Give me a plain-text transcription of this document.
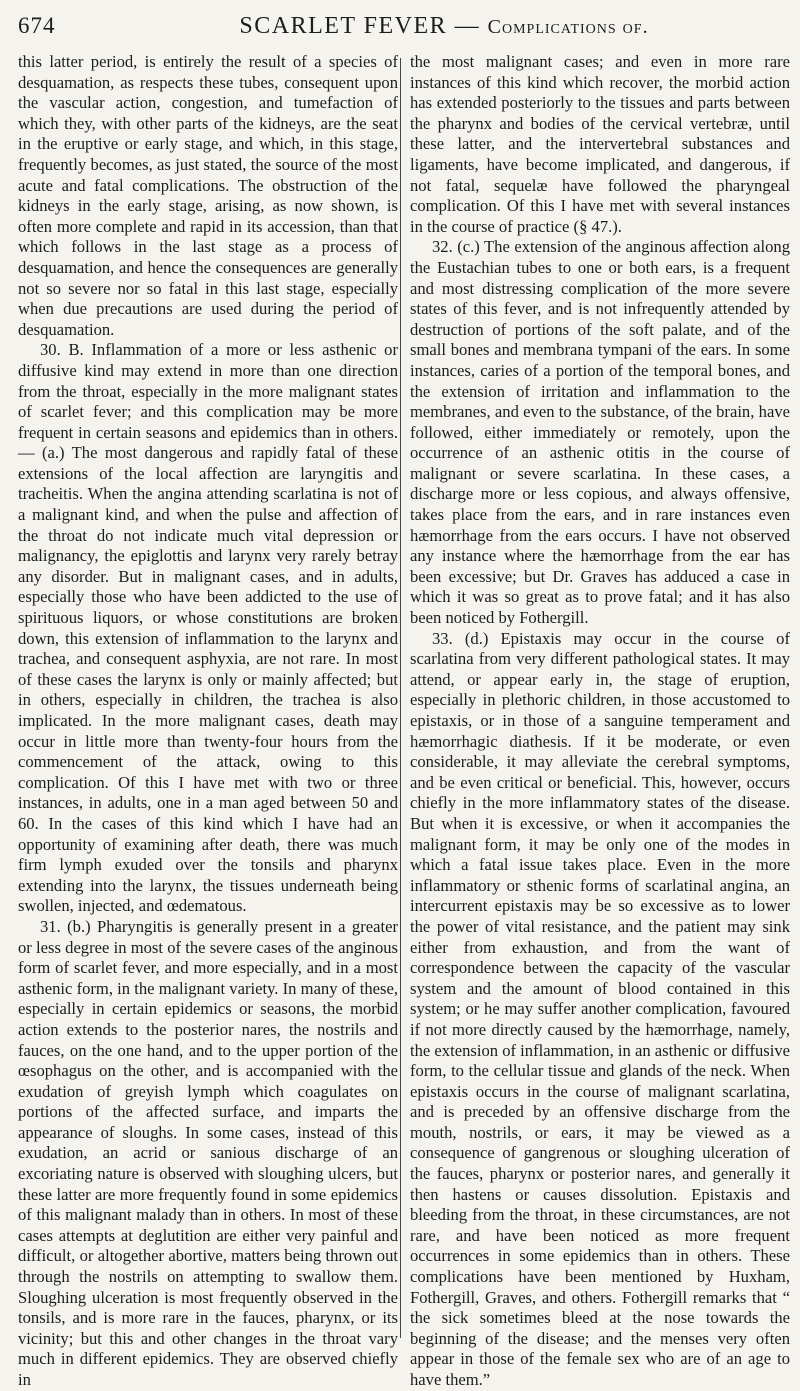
674	SCARLET FEVER — Complications of.

this latter period, is entirely the result of a species of desquamation, as respects these tubes, consequent upon the vascular action, congestion, and tumefaction of which they, with other parts of the kidneys, are the seat in the eruptive or early stage, and which, in this stage, frequently becomes, as just stated, the source of the most acute and fatal complications. The obstruction of the kidneys in the early stage, arising, as now shown, is often more complete and rapid in its accession, than that which follows in the last stage as a process of desquamation, and hence the consequences are generally not so severe nor so fatal in this last stage, especially when due precautions are used during the period of desquamation.

30. B. Inflammation of a more or less asthenic or diffusive kind may extend in more than one direction from the throat, especially in the more malignant states of scarlet fever; and this complication may be more frequent in certain seasons and epidemics than in others. — (a.) The most dangerous and rapidly fatal of these extensions of the local affection are laryngitis and tracheitis. When the angina attending scarlatina is not of a malignant kind, and when the pulse and affection of the throat do not indicate much vital depression or malignancy, the epiglottis and larynx very rarely betray any disorder. But in malignant cases, and in adults, especially those who have been addicted to the use of spirituous liquors, or whose constitutions are broken down, this extension of inflammation to the larynx and trachea, and consequent asphyxia, are not rare. In most of these cases the larynx is only or mainly affected; but in others, especially in children, the trachea is also implicated. In the more malignant cases, death may occur in little more than twenty-four hours from the commencement of the attack, owing to this complication. Of this I have met with two or three instances, in adults, one in a man aged between 50 and 60. In the cases of this kind which I have had an opportunity of examining after death, there was much firm lymph exuded over the tonsils and pharynx extending into the larynx, the tissues underneath being swollen, injected, and œdematous.

31. (b.) Pharyngitis is generally present in a greater or less degree in most of the severe cases of the anginous form of scarlet fever, and more especially, and in a most asthenic form, in the malignant variety. In many of these, especially in certain epidemics or seasons, the morbid action extends to the posterior nares, the nostrils and fauces, on the one hand, and to the upper portion of the œsophagus on the other, and is accompanied with the exudation of greyish lymph which coagulates on portions of the affected surface, and imparts the appearance of sloughs. In some cases, instead of this exudation, an acrid or sanious discharge of an excoriating nature is observed with sloughing ulcers, but these latter are more frequently found in some epidemics of this malignant malady than in others. In most of these cases attempts at deglutition are either very painful and difficult, or altogether abortive, matters being thrown out through the nostrils on attempting to swallow them. Sloughing ulceration is most frequently observed in the tonsils, and is more rare in the fauces, pharynx, or its vicinity; but this and other changes in the throat vary much in different epidemics. They are observed chiefly in

the most malignant cases; and even in more rare instances of this kind which recover, the morbid action has extended posteriorly to the tissues and parts between the pharynx and bodies of the cervical vertebræ, until these latter, and the intervertebral substances and ligaments, have become implicated, and dangerous, if not fatal, sequelæ have followed the pharyngeal complication. Of this I have met with several instances in the course of practice (§ 47.).

32. (c.) The extension of the anginous affection along the Eustachian tubes to one or both ears, is a frequent and most distressing complication of the more severe states of this fever, and is not infrequently attended by destruction of portions of the soft palate, and of the small bones and membrana tympani of the ears. In some instances, caries of a portion of the temporal bones, and the extension of irritation and inflammation to the membranes, and even to the substance, of the brain, have followed, either immediately or remotely, upon the occurrence of an asthenic otitis in the course of malignant or severe scarlatina. In these cases, a discharge more or less copious, and always offensive, takes place from the ears, and in rare instances even hæmorrhage from the ears occurs. I have not observed any instance where the hæmorrhage from the ear has been excessive; but Dr. Graves has adduced a case in which it was so great as to prove fatal; and it has also been noticed by Fothergill.

33. (d.) Epistaxis may occur in the course of scarlatina from very different pathological states. It may attend, or appear early in, the stage of eruption, especially in plethoric children, in those accustomed to epistaxis, or in those of a sanguine temperament and hæmorrhagic diathesis. If it be moderate, or even considerable, it may alleviate the cerebral symptoms, and be even critical or beneficial. This, however, occurs chiefly in the more inflammatory states of the disease. But when it is excessive, or when it accompanies the malignant form, it may be only one of the modes in which a fatal issue takes place. Even in the more inflammatory or sthenic forms of scarlatinal angina, an intercurrent epistaxis may be so excessive as to lower the power of vital resistance, and the patient may sink either from exhaustion, and from the want of correspondence between the capacity of the vascular system and the amount of blood contained in this system; or he may suffer another complication, favoured if not more directly caused by the hæmorrhage, namely, the extension of inflammation, in an asthenic or diffusive form, to the cellular tissue and glands of the neck. When epistaxis occurs in the course of malignant scarlatina, and is preceded by an offensive discharge from the mouth, nostrils, or ears, it may be viewed as a consequence of gangrenous or sloughing ulceration of the fauces, pharynx or posterior nares, and generally it then hastens or causes dissolution. Epistaxis and bleeding from the throat, in these circumstances, are not rare, and have been noticed as more frequent occurrences in some epidemics than in others. These complications have been mentioned by Huxham, Fothergill, Graves, and others. Fothergill remarks that “ the sick sometimes bleed at the nose towards the beginning of the disease; and the menses very often appear in those of the female sex who are of an age to have them.”
